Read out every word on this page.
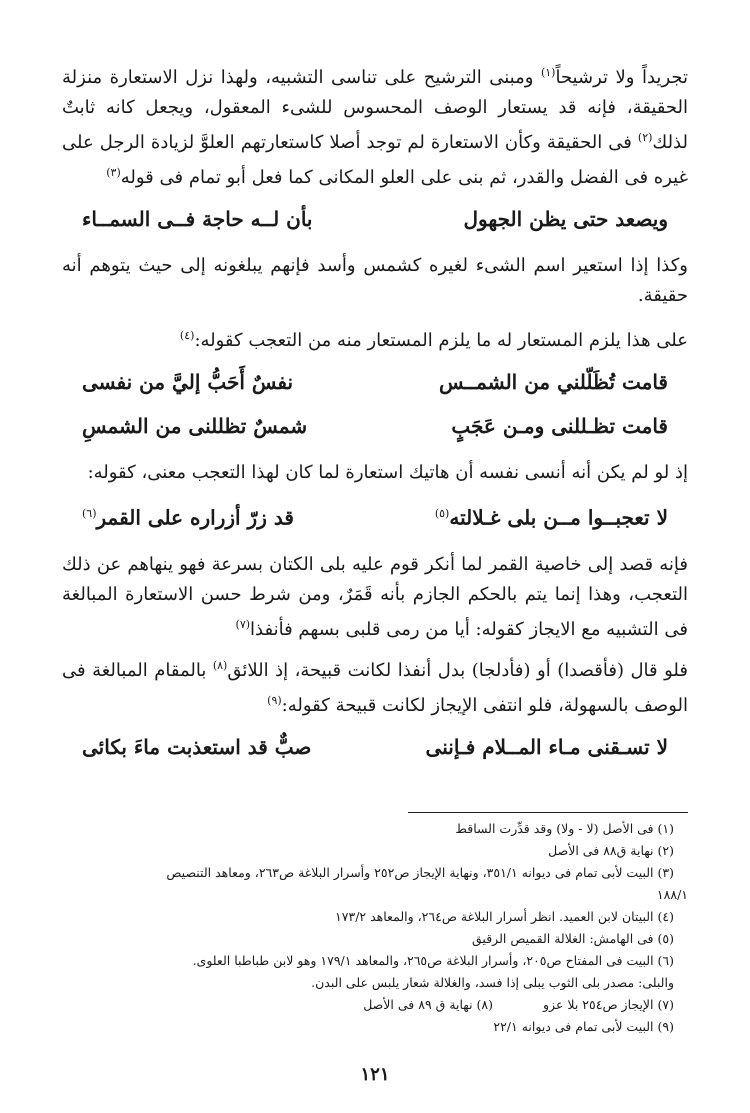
تجريداً ولا ترشيحاً$^{(١)}$ ومبنى الترشيح على تناسى التشبيه، ولهذا نزل الاستعارة منزلة الحقيقة، فإنه قد يستعار الوصف المحسوس للشىء المعقول، ويجعل كانه ثابتٌ لذلك$^{(٢)}$ فى الحقيقة وكأن الاستعارة لم توجد أصلا كاستعارتهم العلوَّ لزيادة الرجل على غيره فى الفضل والقدر، ثم بنى على العلو المكانى كما فعل أبو تمام فى قوله$^{(٣)}$

ويصعد حتى يظن الجهول
بأن لــه حاجة فــى السمــاء

وكذا إذا استعير اسم الشىء لغيره كشمس وأسد فإنهم يبلغونه إلى حيث يتوهم أنه حقيقة.

على هذا يلزم المستعار له ما يلزم المستعار منه من التعجب كقوله:$^{(٤)}$

قامت تُظَلّلني من الشمــس
نفسٌ أَحَبُّ إليَّ من نفسى
قامت تظـللنى ومـن عَجَبٍ
شمسٌ تظللنى من الشمسِ

إذ لو لم يكن أنه أنسى نفسه أن هاتيك استعارة لما كان لهذا التعجب معنى، كقوله:

لا تعجبــوا مــن بلى غـلالته$^{(٥)}$
قد زرّ أزراره على القمر$^{(٦)}$

فإنه قصد إلى خاصية القمر لما أنكر قوم عليه بلى الكتان بسرعة فهو ينهاهم عن ذلك التعجب، وهذا إنما يتم بالحكم الجازم بأنه قَمَرٌ، ومن شرط حسن الاستعارة المبالغة فى التشبيه مع الايجاز كقوله: أيا من رمى قلبى بسهم فأنفذا$^{(٧)}$

فلو قال (فأقصدا) أو (فأدلجا) بدل أنفذا لكانت قبيحة، إذ اللائق$^{(٨)}$ بالمقام المبالغة فى الوصف بالسهولة، فلو انتفى الإيجاز لكانت قبيحة كقوله:$^{(٩)}$

لا تسـقنى مـاء المــلام فـإننى
صبٌّ قد استعذبت ماءَ بكائى

(١) فى الأصل (لا - ولا) وقد قدِّرت الساقط

(٢) نهاية ق٨٨ فى الأصل

(٣) البيت لأبى تمام فى ديوانه ٣٥١/١، ونهاية الإيجاز ص٢٥٢ وأسرار البلاغة ص٢٦٣، ومعاهد التنصيص

١٨٨/١

(٤) البيتان لابن العميد. انظر أسرار البلاغة ص٢٦٤، والمعاهد ١٧٣/٢

(٥) فى الهامش: الغلالة القميص الرقيق

(٦) البيت فى المفتاح ص٢٠٥، وأسرار البلاغة ص٢٦٥، والمعاهد ١٧٩/١ وهو لابن طباطبا العلوى.

والبلى: مصدر بلى الثوب يبلى إذا فسد، والغلالة شعار يلبس على البدن.

(٧) الإيجاز ص٢٥٤ بلا عزو
(٨) نهاية ق ٨٩ فى الأصل

(٩) البيت لأبى تمام فى ديوانه ٢٢/١

١٢١
